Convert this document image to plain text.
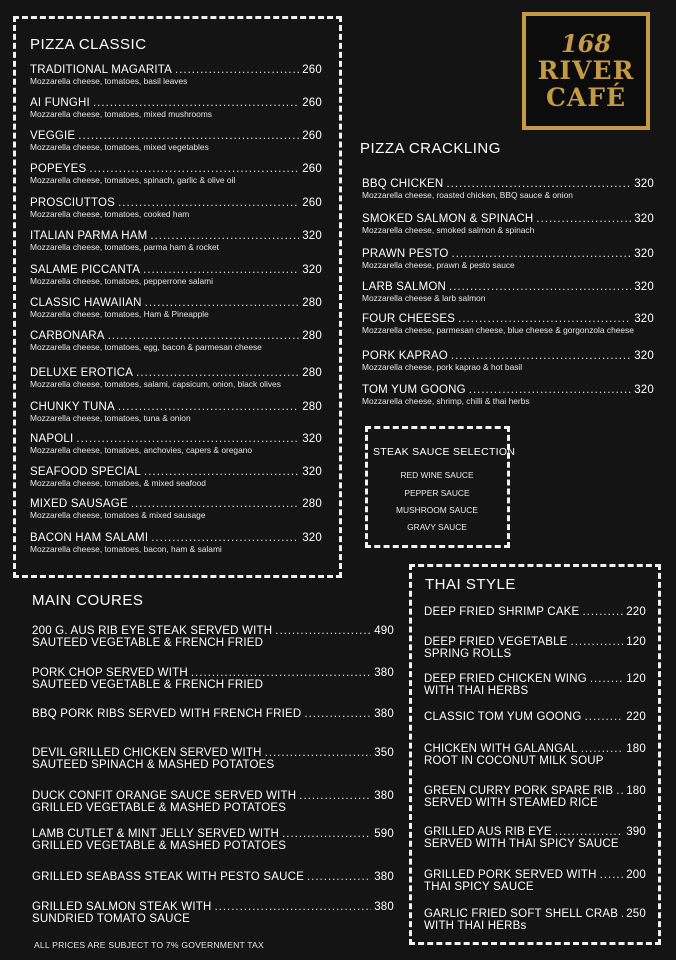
PIZZA CLASSIC
TRADITIONAL MAGARITA .....	260
Mozzarella cheese, tomatoes, basil leaves
AI FUNGHI .....	260
Mozzarella cheese, tomatoes, mixed mushrooms
VEGGIE .....	260
Mozzarella cheese, tomatoes, mixed vegetables
POPEYES .....	260
Mozzarella cheese, tomatoes, spinach, garlic & olive oil
PROSCIUTTOS .....	260
Mozzarella cheese, tomatoes, cooked ham
ITALIAN PARMA HAM .....	320
Mozzarella cheese, tomatoes, parma ham & rocket
SALAME PICCANTA .....	320
Mozzarella cheese, tomatoes, pepperrone salami
CLASSIC HAWAIIAN .....	280
Mozzarella cheese, tomatoes, Ham & Pineapple
CARBONARA .....	280
Mozzarella cheese, tomatoes, egg, bacon & parmesan cheese
DELUXE EROTICA .....	280
Mozzarella cheese, tomatoes, salami, capsicum, onion, black olives
CHUNKY TUNA .....	280
Mozzarella cheese, tomatoes, tuna & onion
NAPOLI .....	320
Mozzarella cheese, tomatoes, anchovies, capers & oregano
SEAFOOD SPECIAL .....	320
Mozzarella cheese, tomatoes, & mixed seafood
MIXED SAUSAGE .....	280
Mozzarella cheese, tomatoes & mixed sausage
BACON HAM SALAMI .....	320
Mozzarella cheese, tomatoes, bacon, ham & salami
168
RIVER
CAFÉ
PIZZA CRACKLING
BBQ CHICKEN .....	320
Mozzarella cheese, roasted chicken, BBQ sauce & onion
SMOKED SALMON & SPINACH .....	320
Mozzarella cheese, smoked salmon & spinach
PRAWN PESTO .....	320
Mozzarella cheese, prawn & pesto sauce
LARB SALMON .....	320
Mozzarella cheese & larb salmon
FOUR CHEESES .....	320
Mozzarella cheese, parmesan cheese, blue cheese & gorgonzola cheese
PORK KAPRAO .....	320
Mozzarella cheese, pork kaprao & hot basil
TOM YUM GOONG .....	320
Mozzarella cheese, shrimp, chilli & thai herbs
STEAK SAUCE SELECTION
RED WINE SAUCE
PEPPER SAUCE
MUSHROOM SAUCE
GRAVY SAUCE
MAIN COURES
200 G. AUS RIB EYE STEAK SERVED WITH .....	490
SAUTEED VEGETABLE & FRENCH FRIED
PORK CHOP SERVED WITH .....	380
SAUTEED VEGETABLE & FRENCH FRIED
BBQ PORK RIBS SERVED WITH FRENCH FRIED .....	380
DEVIL GRILLED CHICKEN SERVED WITH .....	350
SAUTEED SPINACH & MASHED POTATOES
DUCK CONFIT ORANGE SAUCE SERVED WITH .....	380
GRILLED VEGETABLE & MASHED POTATOES
LAMB CUTLET & MINT JELLY SERVED WITH .....	590
GRILLED VEGETABLE & MASHED POTATOES
GRILLED SEABASS STEAK WITH PESTO SAUCE .....	380
GRILLED SALMON STEAK WITH .....	380
SUNDRIED TOMATO SAUCE
THAI STYLE
DEEP FRIED SHRIMP CAKE .....	220
DEEP FRIED VEGETABLE .....	120
SPRING ROLLS
DEEP FRIED CHICKEN WING .....	120
WITH THAI HERBS
CLASSIC TOM YUM GOONG .....	220
CHICKEN WITH GALANGAL .....	180
ROOT IN COCONUT MILK SOUP
GREEN CURRY PORK SPARE RIB ..... 180
SERVED WITH STEAMED RICE
GRILLED AUS RIB EYE .....	390
SERVED WITH THAI SPICY SAUCE
GRILLED PORK SERVED WITH .....	200
THAI SPICY SAUCE
GARLIC FRIED SOFT SHELL CRAB ..... 250
WITH THAI HERBs
ALL PRICES ARE SUBJECT TO 7% GOVERNMENT TAX
